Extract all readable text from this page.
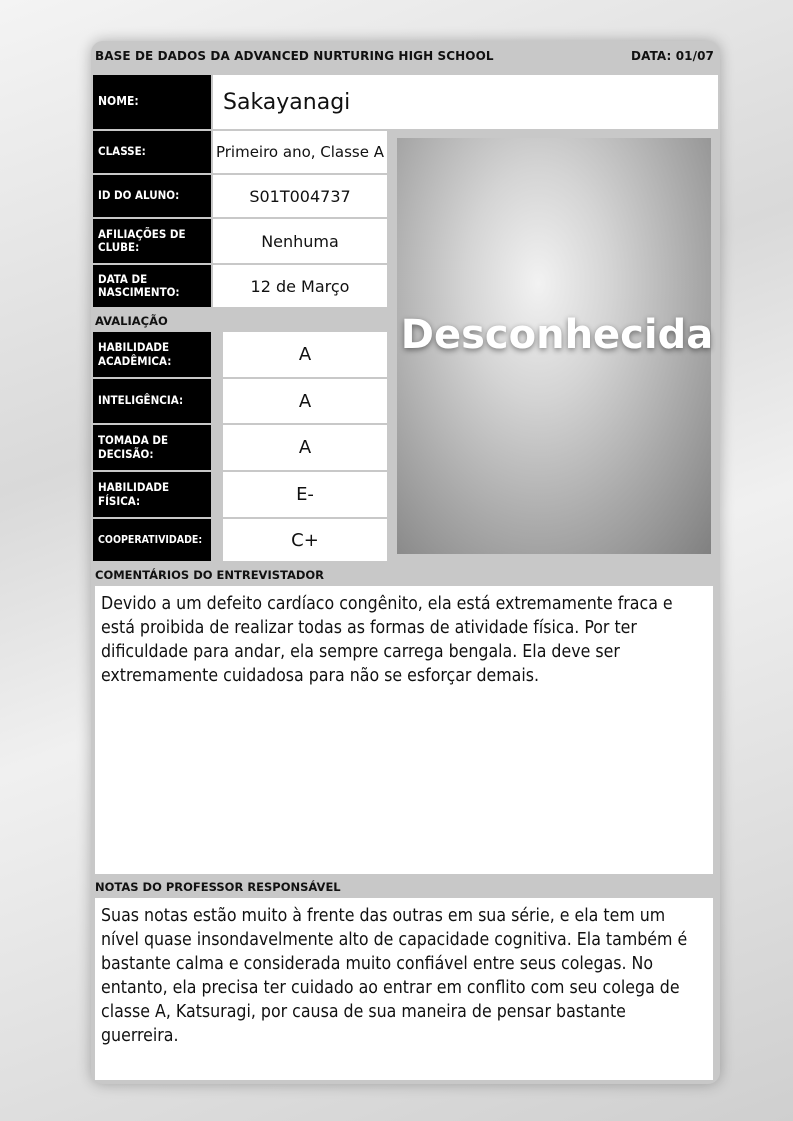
BASE DE DADOS DA ADVANCED NURTURING HIGH SCHOOL	DATA: 01/07
NOME:	Sakayanagi
CLASSE:	Primeiro ano, Classe A
ID DO ALUNO:	S01T004737
AFILIAÇÕES DE CLUBE:	Nenhuma
DATA DE NASCIMENTO:	12 de Março
AVALIAÇÃO
HABILIDADE ACADÊMICA:	A
INTELIGÊNCIA:	A
TOMADA DE DECISÃO:	A
HABILIDADE FÍSICA:	E-
COOPERATIVIDADE:	C+
Desconhecida
COMENTÁRIOS DO ENTREVISTADOR
Devido a um defeito cardíaco congênito, ela está extremamente fraca e está proibida de realizar todas as formas de atividade física. Por ter dificuldade para andar, ela sempre carrega bengala. Ela deve ser extremamente cuidadosa para não se esforçar demais.
NOTAS DO PROFESSOR RESPONSÁVEL
Suas notas estão muito à frente das outras em sua série, e ela tem um nível quase insondavelmente alto de capacidade cognitiva. Ela também é bastante calma e considerada muito confiável entre seus colegas. No entanto, ela precisa ter cuidado ao entrar em conflito com seu colega de classe A, Katsuragi, por causa de sua maneira de pensar bastante guerreira.
